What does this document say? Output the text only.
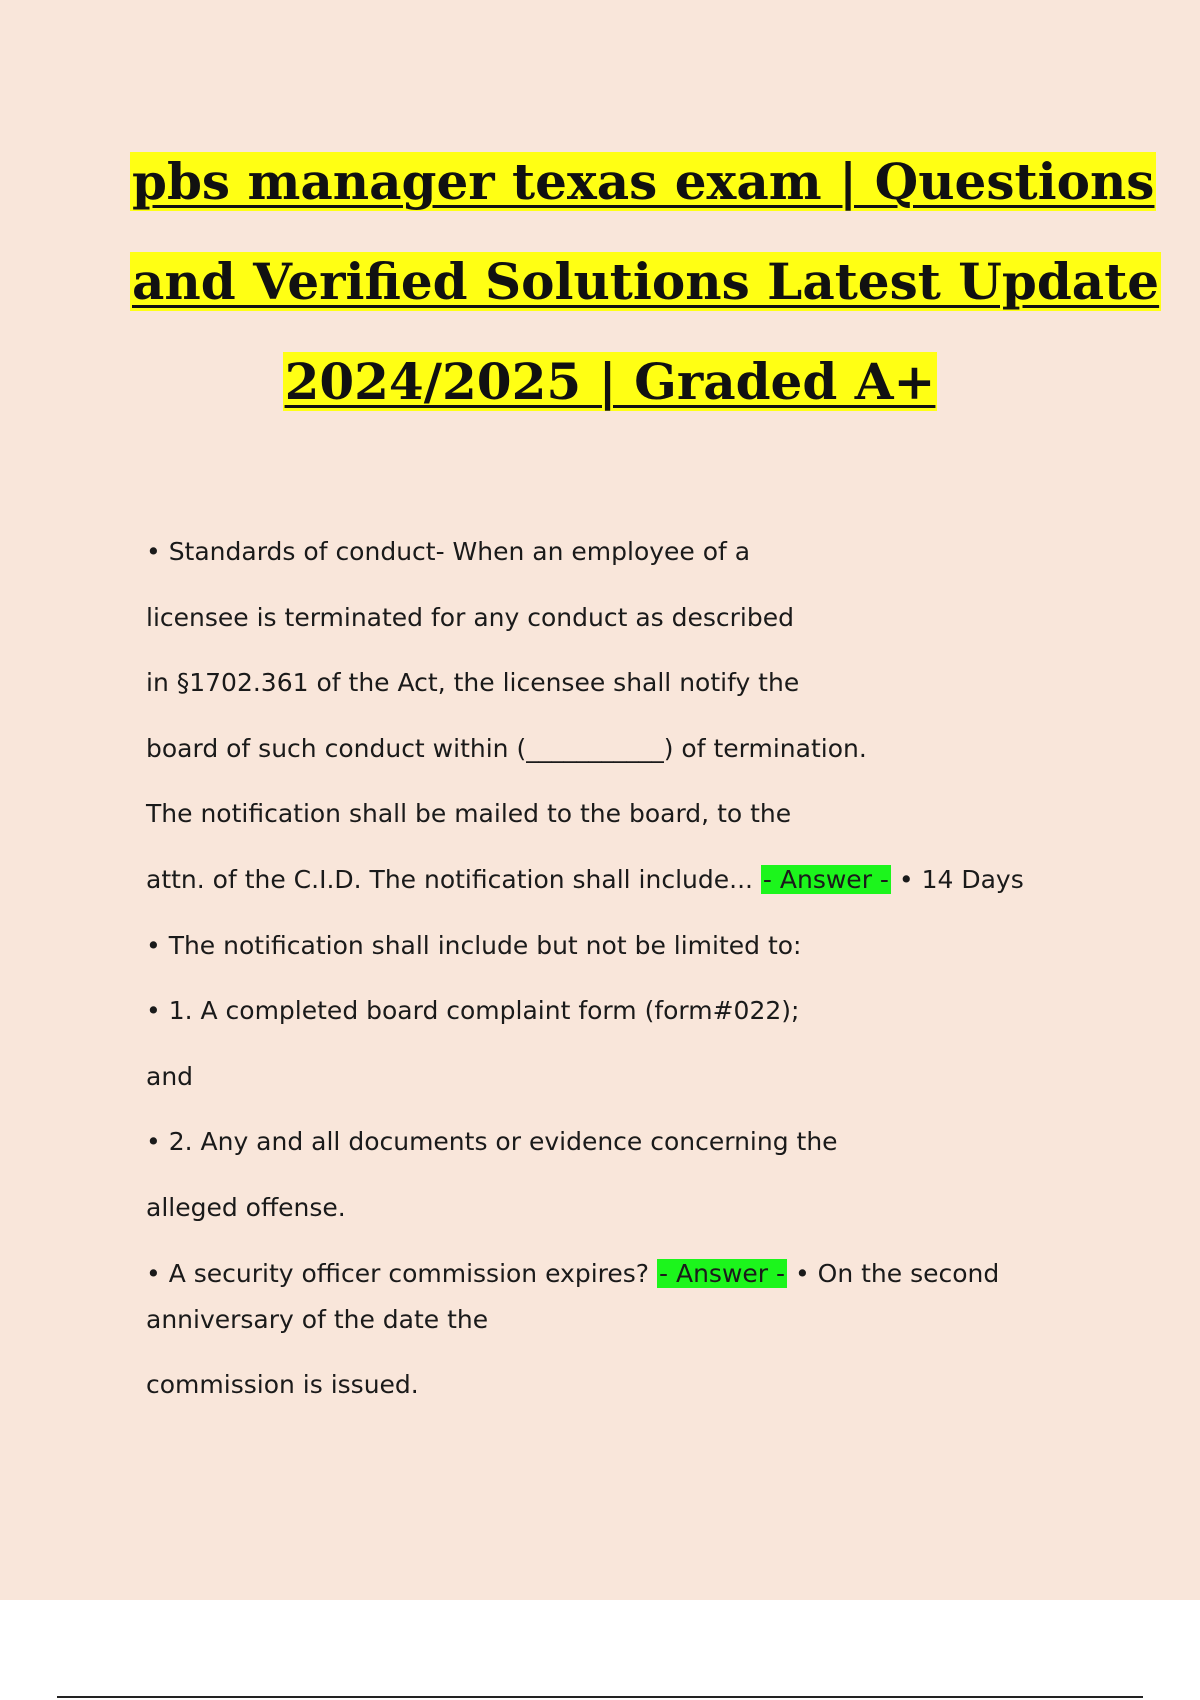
pbs manager texas exam | Questions
and Verified Solutions Latest Update
2024/2025 | Graded A+
• Standards of conduct- When an employee of a
licensee is terminated for any conduct as described
in §1702.361 of the Act, the licensee shall notify the
board of such conduct within (___________) of termination.
The notification shall be mailed to the board, to the
attn. of the C.I.D. The notification shall include... - Answer - • 14 Days
• The notification shall include but not be limited to:
• 1. A completed board complaint form (form#022);
and
• 2. Any and all documents or evidence concerning the
alleged offense.
• A security officer commission expires? - Answer - • On the second
anniversary of the date the
commission is issued.
